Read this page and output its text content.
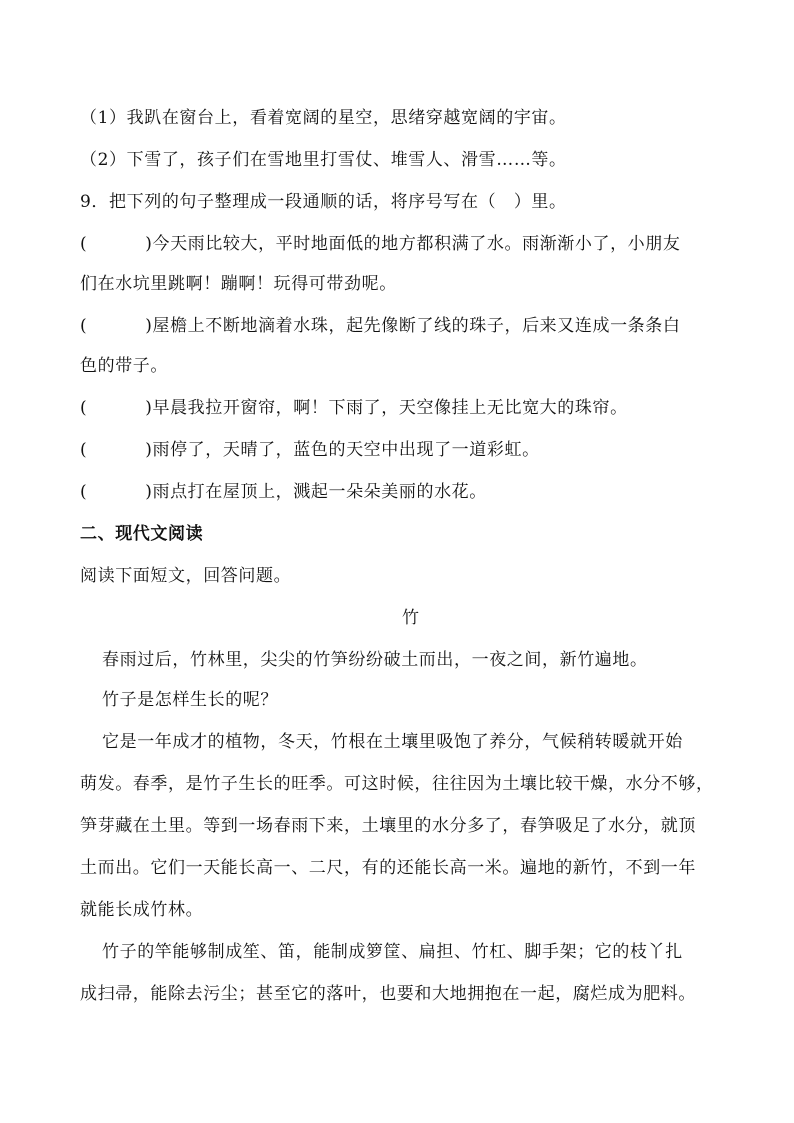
（1）我趴在窗台上，看着宽阔的星空，思绪穿越宽阔的宇宙。
（2）下雪了，孩子们在雪地里打雪仗、堆雪人、滑雪……等。
9．把下列的句子整理成一段通顺的话，将序号写在（　）里。
(	)今天雨比较大，平时地面低的地方都积满了水。雨渐渐小了，小朋友
们在水坑里跳啊！蹦啊！玩得可带劲呢。
(	)屋檐上不断地滴着水珠，起先像断了线的珠子，后来又连成一条条白
色的带子。
(	)早晨我拉开窗帘，啊！下雨了，天空像挂上无比宽大的珠帘。
(	)雨停了，天晴了，蓝色的天空中出现了一道彩虹。
(	)雨点打在屋顶上，溅起一朵朵美丽的水花。
二、现代文阅读
阅读下面短文，回答问题。
竹
春雨过后，竹林里，尖尖的竹笋纷纷破土而出，一夜之间，新竹遍地。
竹子是怎样生长的呢？
它是一年成才的植物，冬天，竹根在土壤里吸饱了养分，气候稍转暖就开始
萌发。春季，是竹子生长的旺季。可这时候，往往因为土壤比较干燥，水分不够，
笋芽藏在土里。等到一场春雨下来，土壤里的水分多了，春笋吸足了水分，就顶
土而出。它们一天能长高一、二尺，有的还能长高一米。遍地的新竹，不到一年
就能长成竹林。
竹子的竿能够制成笙、笛，能制成箩筐、扁担、竹杠、脚手架；它的枝丫扎
成扫帚，能除去污尘；甚至它的落叶，也要和大地拥抱在一起，腐烂成为肥料。
